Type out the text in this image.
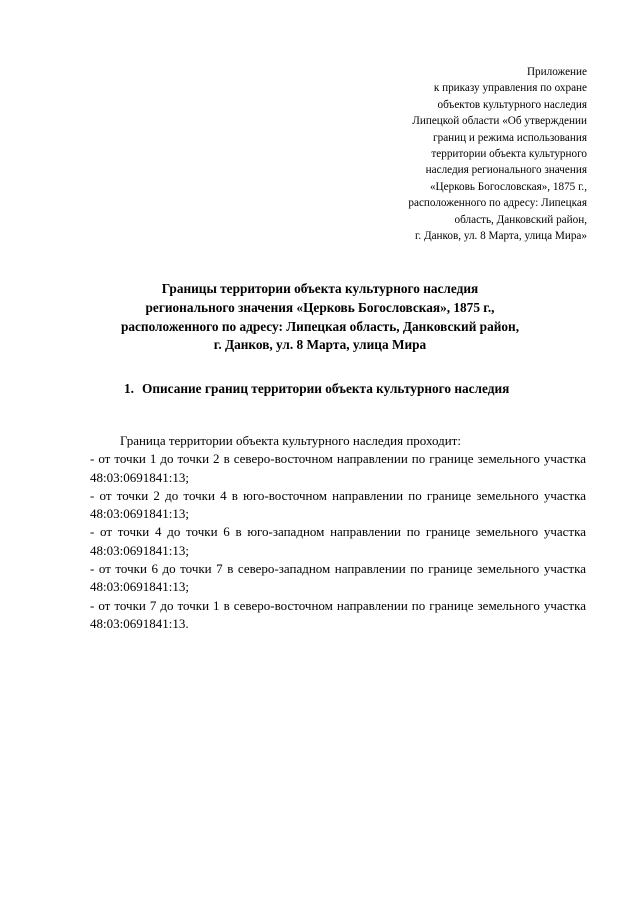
Приложение
к приказу управления по охране
объектов культурного наследия
Липецкой области «Об утверждении
границ и режима использования
территории объекта культурного
наследия регионального значения
«Церковь Богословская», 1875 г.,
расположенного по адресу: Липецкая
область, Данковский район,
г. Данков, ул. 8 Марта, улица Мира»
Границы территории объекта культурного наследия
регионального значения «Церковь Богословская», 1875 г.,
расположенного по адресу: Липецкая область, Данковский район,
г. Данков, ул. 8 Марта, улица Мира
1. Описание границ территории объекта культурного наследия
Граница территории объекта культурного наследия проходит:
- от точки 1 до точки 2 в северо-восточном направлении по границе земельного участка 48:03:0691841:13;
- от точки 2 до точки 4 в юго-восточном направлении по границе земельного участка 48:03:0691841:13;
- от точки 4 до точки 6 в юго-западном направлении по границе земельного участка 48:03:0691841:13;
- от точки 6 до точки 7 в северо-западном направлении по границе земельного участка 48:03:0691841:13;
- от точки 7 до точки 1 в северо-восточном направлении по границе земельного участка 48:03:0691841:13.
